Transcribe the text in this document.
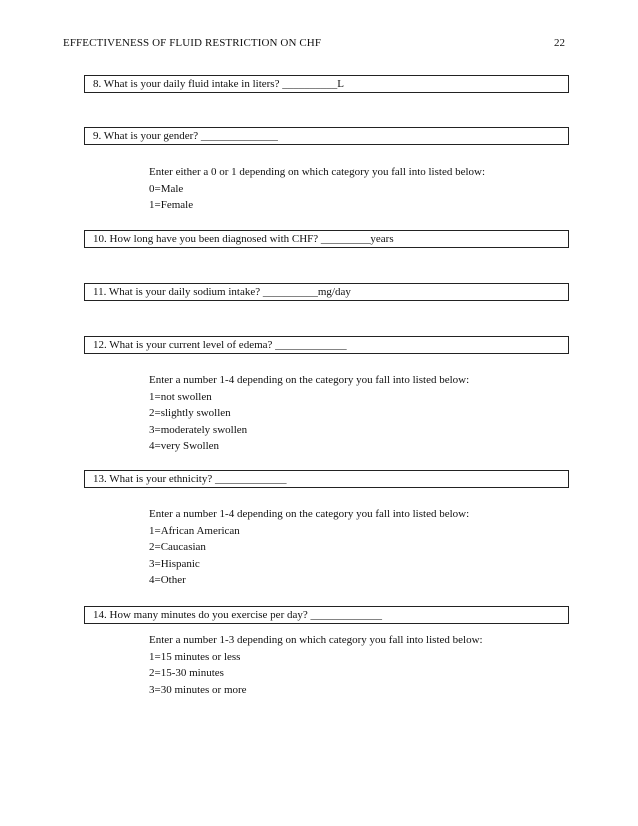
EFFECTIVENESS OF FLUID RESTRICTION ON CHF	22
8. What is your daily fluid intake in liters? __________L
9. What is your gender? ______________
Enter either a 0 or 1 depending on which category you fall into listed below:
0=Male
1=Female
10. How long have you been diagnosed with CHF? _________years
11. What is your daily sodium intake? __________mg/day
12. What is your current level of edema? _____________
Enter a number 1-4 depending on the category you fall into listed below:
1=not swollen
2=slightly swollen
3=moderately swollen
4=very Swollen
13. What is your ethnicity? _____________
Enter a number 1-4 depending on the category you fall into listed below:
1=African American
2=Caucasian
3=Hispanic
4=Other
14. How many minutes do you exercise per day? _____________
Enter a number 1-3 depending on which category you fall into listed below:
1=15 minutes or less
2=15-30 minutes
3=30 minutes or more
